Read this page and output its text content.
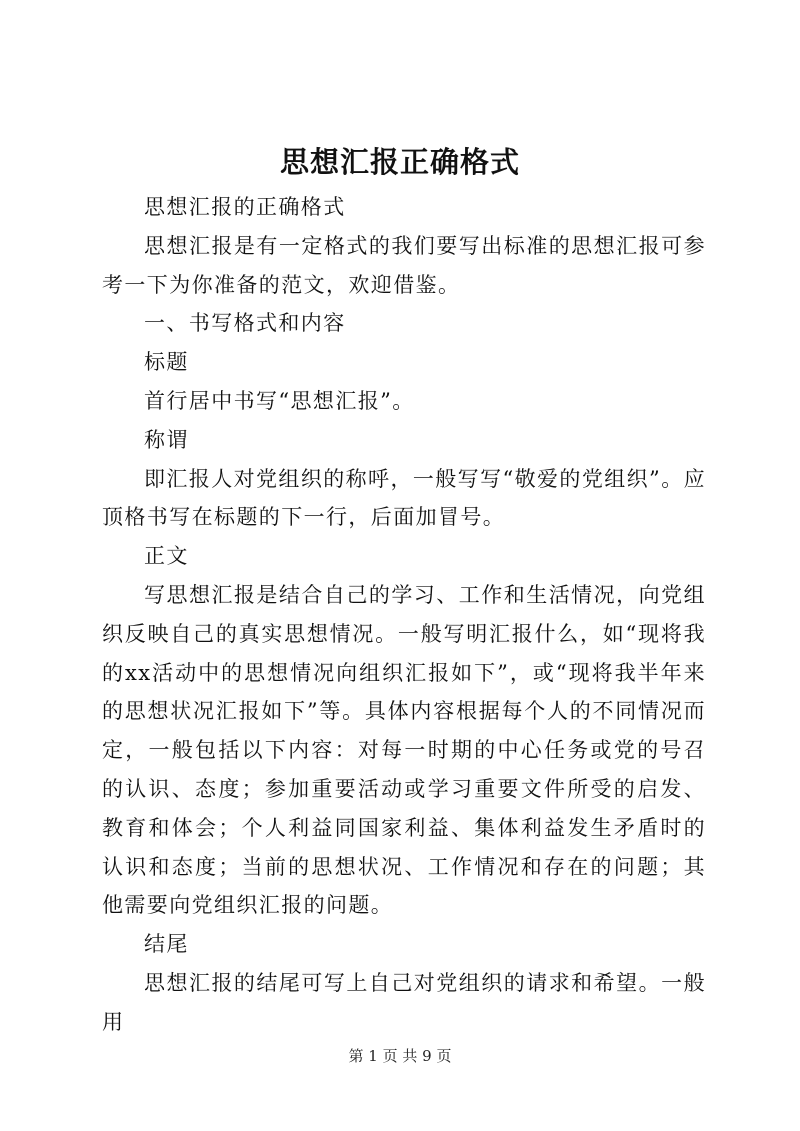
思想汇报正确格式

思想汇报的正确格式

思想汇报是有一定格式的我们要写出标准的思想汇报可参考一下为你准备的范文，欢迎借鉴。

一、书写格式和内容

标题

首行居中书写“思想汇报”。

称谓

即汇报人对党组织的称呼，一般写写“敬爱的党组织”。应顶格书写在标题的下一行，后面加冒号。

正文

写思想汇报是结合自己的学习、工作和生活情况，向党组织反映自己的真实思想情况。一般写明汇报什么，如“现将我的xx活动中的思想情况向组织汇报如下”，或“现将我半年来的思想状况汇报如下”等。具体内容根据每个人的不同情况而定，一般包括以下内容：对每一时期的中心任务或党的号召的认识、态度；参加重要活动或学习重要文件所受的启发、教育和体会；个人利益同国家利益、集体利益发生矛盾时的认识和态度；当前的思想状况、工作情况和存在的问题；其他需要向党组织汇报的问题。

结尾

思想汇报的结尾可写上自己对党组织的请求和希望。一般用

第 1 页 共 9 页
